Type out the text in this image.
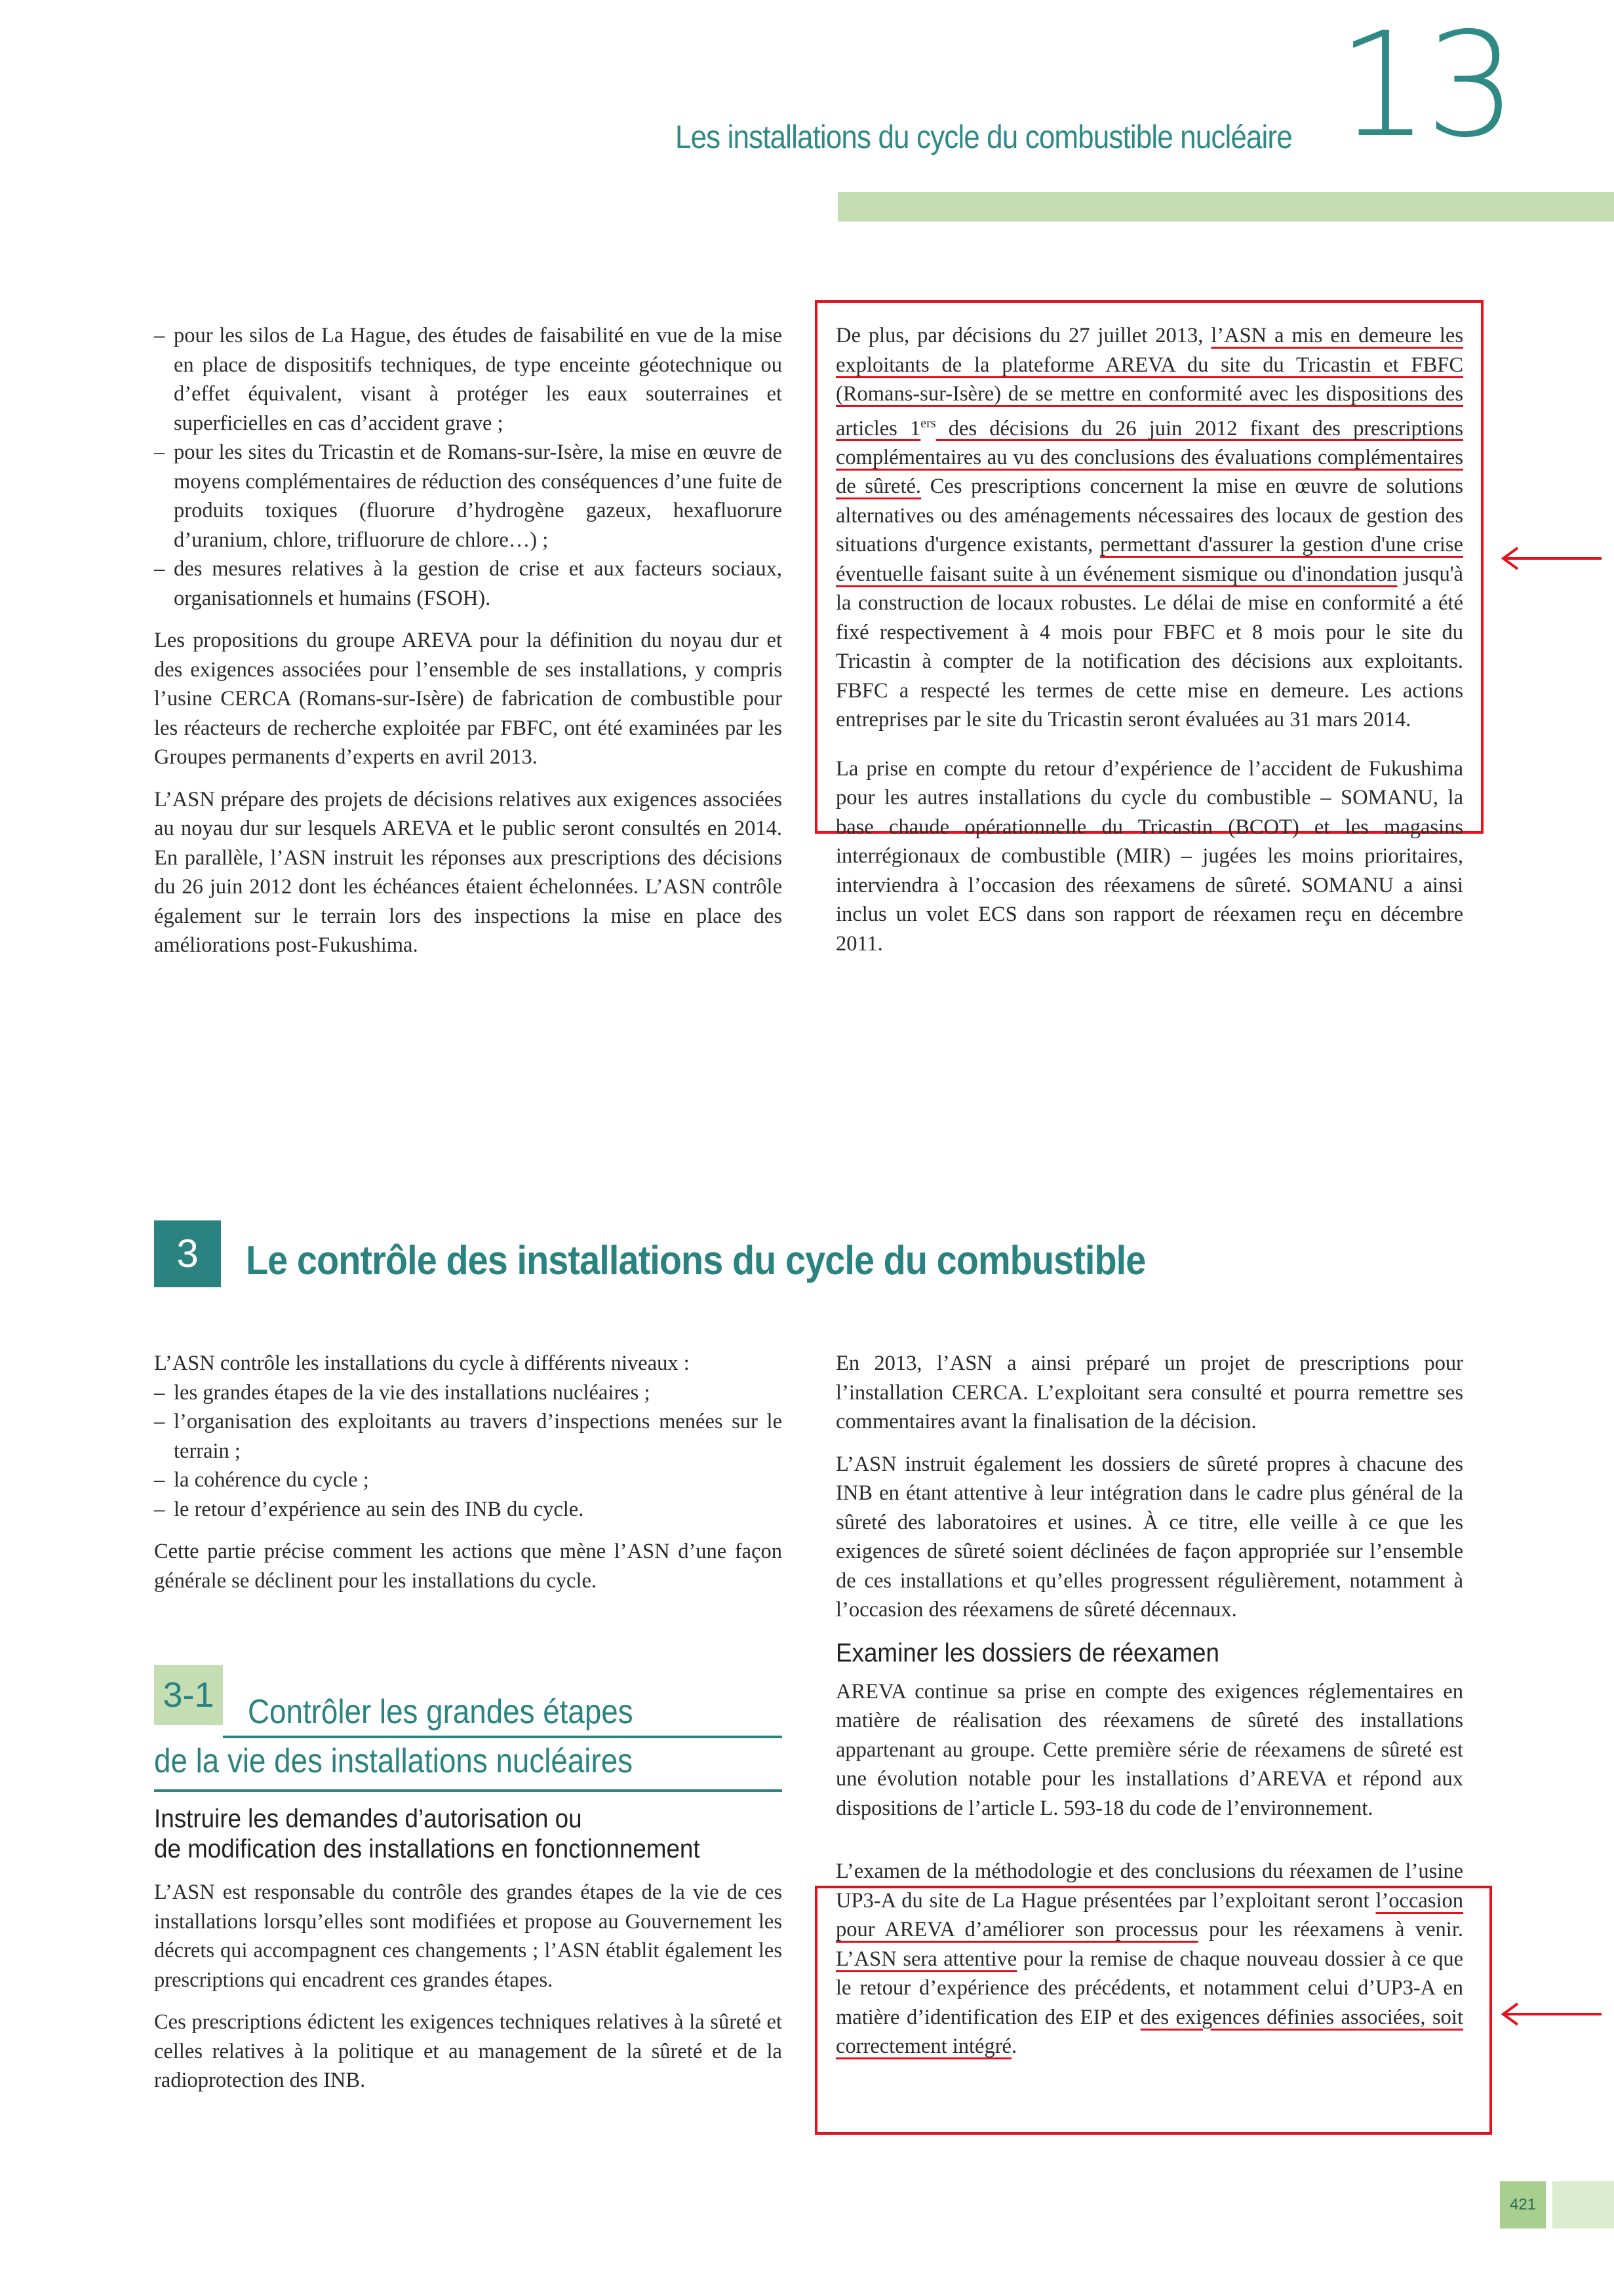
Les installations du cycle du combustible nucléaire 13

– pour les silos de La Hague, des études de faisabilité en vue de la mise en place de dispositifs techniques, de type enceinte géotechnique ou d’effet équivalent, visant à protéger les eaux souterraines et superficielles en cas d’accident grave ;

– pour les sites du Tricastin et de Romans-sur-Isère, la mise en œuvre de moyens complémentaires de réduction des conséquences d’une fuite de produits toxiques (fluorure d’hydrogène gazeux, hexafluorure d’uranium, chlore, trifluorure de chlore…) ;

– des mesures relatives à la gestion de crise et aux facteurs sociaux, organisationnels et humains (FSOH).

Les propositions du groupe AREVA pour la définition du noyau dur et des exigences associées pour l’ensemble de ses installations, y compris l’usine CERCA (Romans-sur-Isère) de fabrication de combustible pour les réacteurs de recherche exploitée par FBFC, ont été examinées par les Groupes permanents d’experts en avril 2013.

L’ASN prépare des projets de décisions relatives aux exigences associées au noyau dur sur lesquels AREVA et le public seront consultés en 2014. En parallèle, l’ASN instruit les réponses aux prescriptions des décisions du 26 juin 2012 dont les échéances étaient échelonnées. L’ASN contrôle également sur le terrain lors des inspections la mise en place des améliorations post-Fukushima.

De plus, par décisions du 27 juillet 2013, l’ASN a mis en demeure les exploitants de la plateforme AREVA du site du Tricastin et FBFC (Romans-sur-Isère) de se mettre en conformité avec les dispositions des articles 1ers des décisions du 26 juin 2012 fixant des prescriptions complémentaires au vu des conclusions des évaluations complémentaires de sûreté. Ces prescriptions concernent la mise en œuvre de solutions alternatives ou des aménagements nécessaires des locaux de gestion des situations d'urgence existants, permettant d'assurer la gestion d'une crise éventuelle faisant suite à un événement sismique ou d'inondation jusqu'à la construction de locaux robustes. Le délai de mise en conformité a été fixé respectivement à 4 mois pour FBFC et 8 mois pour le site du Tricastin à compter de la notification des décisions aux exploitants. FBFC a respecté les termes de cette mise en demeure. Les actions entreprises par le site du Tricastin seront évaluées au 31 mars 2014.

La prise en compte du retour d’expérience de l’accident de Fukushima pour les autres installations du cycle du combustible – SOMANU, la base chaude opérationnelle du Tricastin (BCOT) et les magasins interrégionaux de combustible (MIR) – jugées les moins prioritaires, interviendra à l’occasion des réexamens de sûreté. SOMANU a ainsi inclus un volet ECS dans son rapport de réexamen reçu en décembre 2011.

3	Le contrôle des installations du cycle du combustible

L’ASN contrôle les installations du cycle à différents niveaux :

– les grandes étapes de la vie des installations nucléaires ;

– l’organisation des exploitants au travers d’inspections menées sur le terrain ;

– la cohérence du cycle ;

– le retour d’expérience au sein des INB du cycle.

Cette partie précise comment les actions que mène l’ASN d’une façon générale se déclinent pour les installations du cycle.

3-1 Contrôler les grandes étapes
de la vie des installations nucléaires
Instruire les demandes d’autorisation ou
de modification des installations en fonctionnement

L’ASN est responsable du contrôle des grandes étapes de la vie de ces installations lorsqu’elles sont modifiées et propose au Gouvernement les décrets qui accompagnent ces changements ; l’ASN établit également les prescriptions qui encadrent ces grandes étapes.

Ces prescriptions édictent les exigences techniques relatives à la sûreté et celles relatives à la politique et au management de la sûreté et de la radioprotection des INB.

En 2013, l’ASN a ainsi préparé un projet de prescriptions pour l’installation CERCA. L’exploitant sera consulté et pourra remettre ses commentaires avant la finalisation de la décision.

L’ASN instruit également les dossiers de sûreté propres à chacune des INB en étant attentive à leur intégration dans le cadre plus général de la sûreté des laboratoires et usines. À ce titre, elle veille à ce que les exigences de sûreté soient déclinées de façon appropriée sur l’ensemble de ces installations et qu’elles progressent régulièrement, notamment à l’occasion des réexamens de sûreté décennaux.

Examiner les dossiers de réexamen

AREVA continue sa prise en compte des exigences réglementaires en matière de réalisation des réexamens de sûreté des installations appartenant au groupe. Cette première série de réexamens de sûreté est une évolution notable pour les installations d’AREVA et répond aux dispositions de l’article L. 593-18 du code de l’environnement.

L’examen de la méthodologie et des conclusions du réexamen de l’usine UP3-A du site de La Hague présentées par l’exploitant seront l’occasion pour AREVA d’améliorer son processus pour les réexamens à venir. L’ASN sera attentive pour la remise de chaque nouveau dossier à ce que le retour d’expérience des précédents, et notamment celui d’UP3-A en matière d’identification des EIP et des exigences définies associées, soit correctement intégré.

421
